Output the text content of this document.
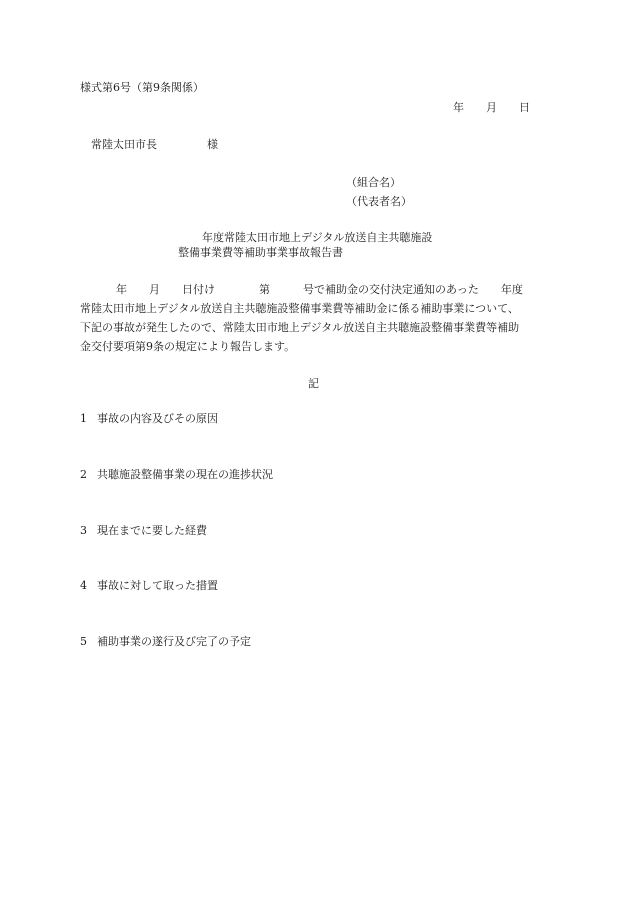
様式第6号（第9条関係）
年　　月　　日
常陸太田市長	様
（組合名）
（代表者名）
年度常陸太田市地上デジタル放送自主共聴施設
整備事業費等補助事業事故報告書
年　　月　　日付け　　　　第　　　号で補助金の交付決定通知のあった　　年度
常陸太田市地上デジタル放送自主共聴施設整備事業費等補助金に係る補助事業について、
下記の事故が発生したので、常陸太田市地上デジタル放送自主共聴施設整備事業費等補助
金交付要項第9条の規定により報告します。
記
1 事故の内容及びその原因
2 共聴施設整備事業の現在の進捗状況
3 現在までに要した経費
4 事故に対して取った措置
5 補助事業の遂行及び完了の予定
